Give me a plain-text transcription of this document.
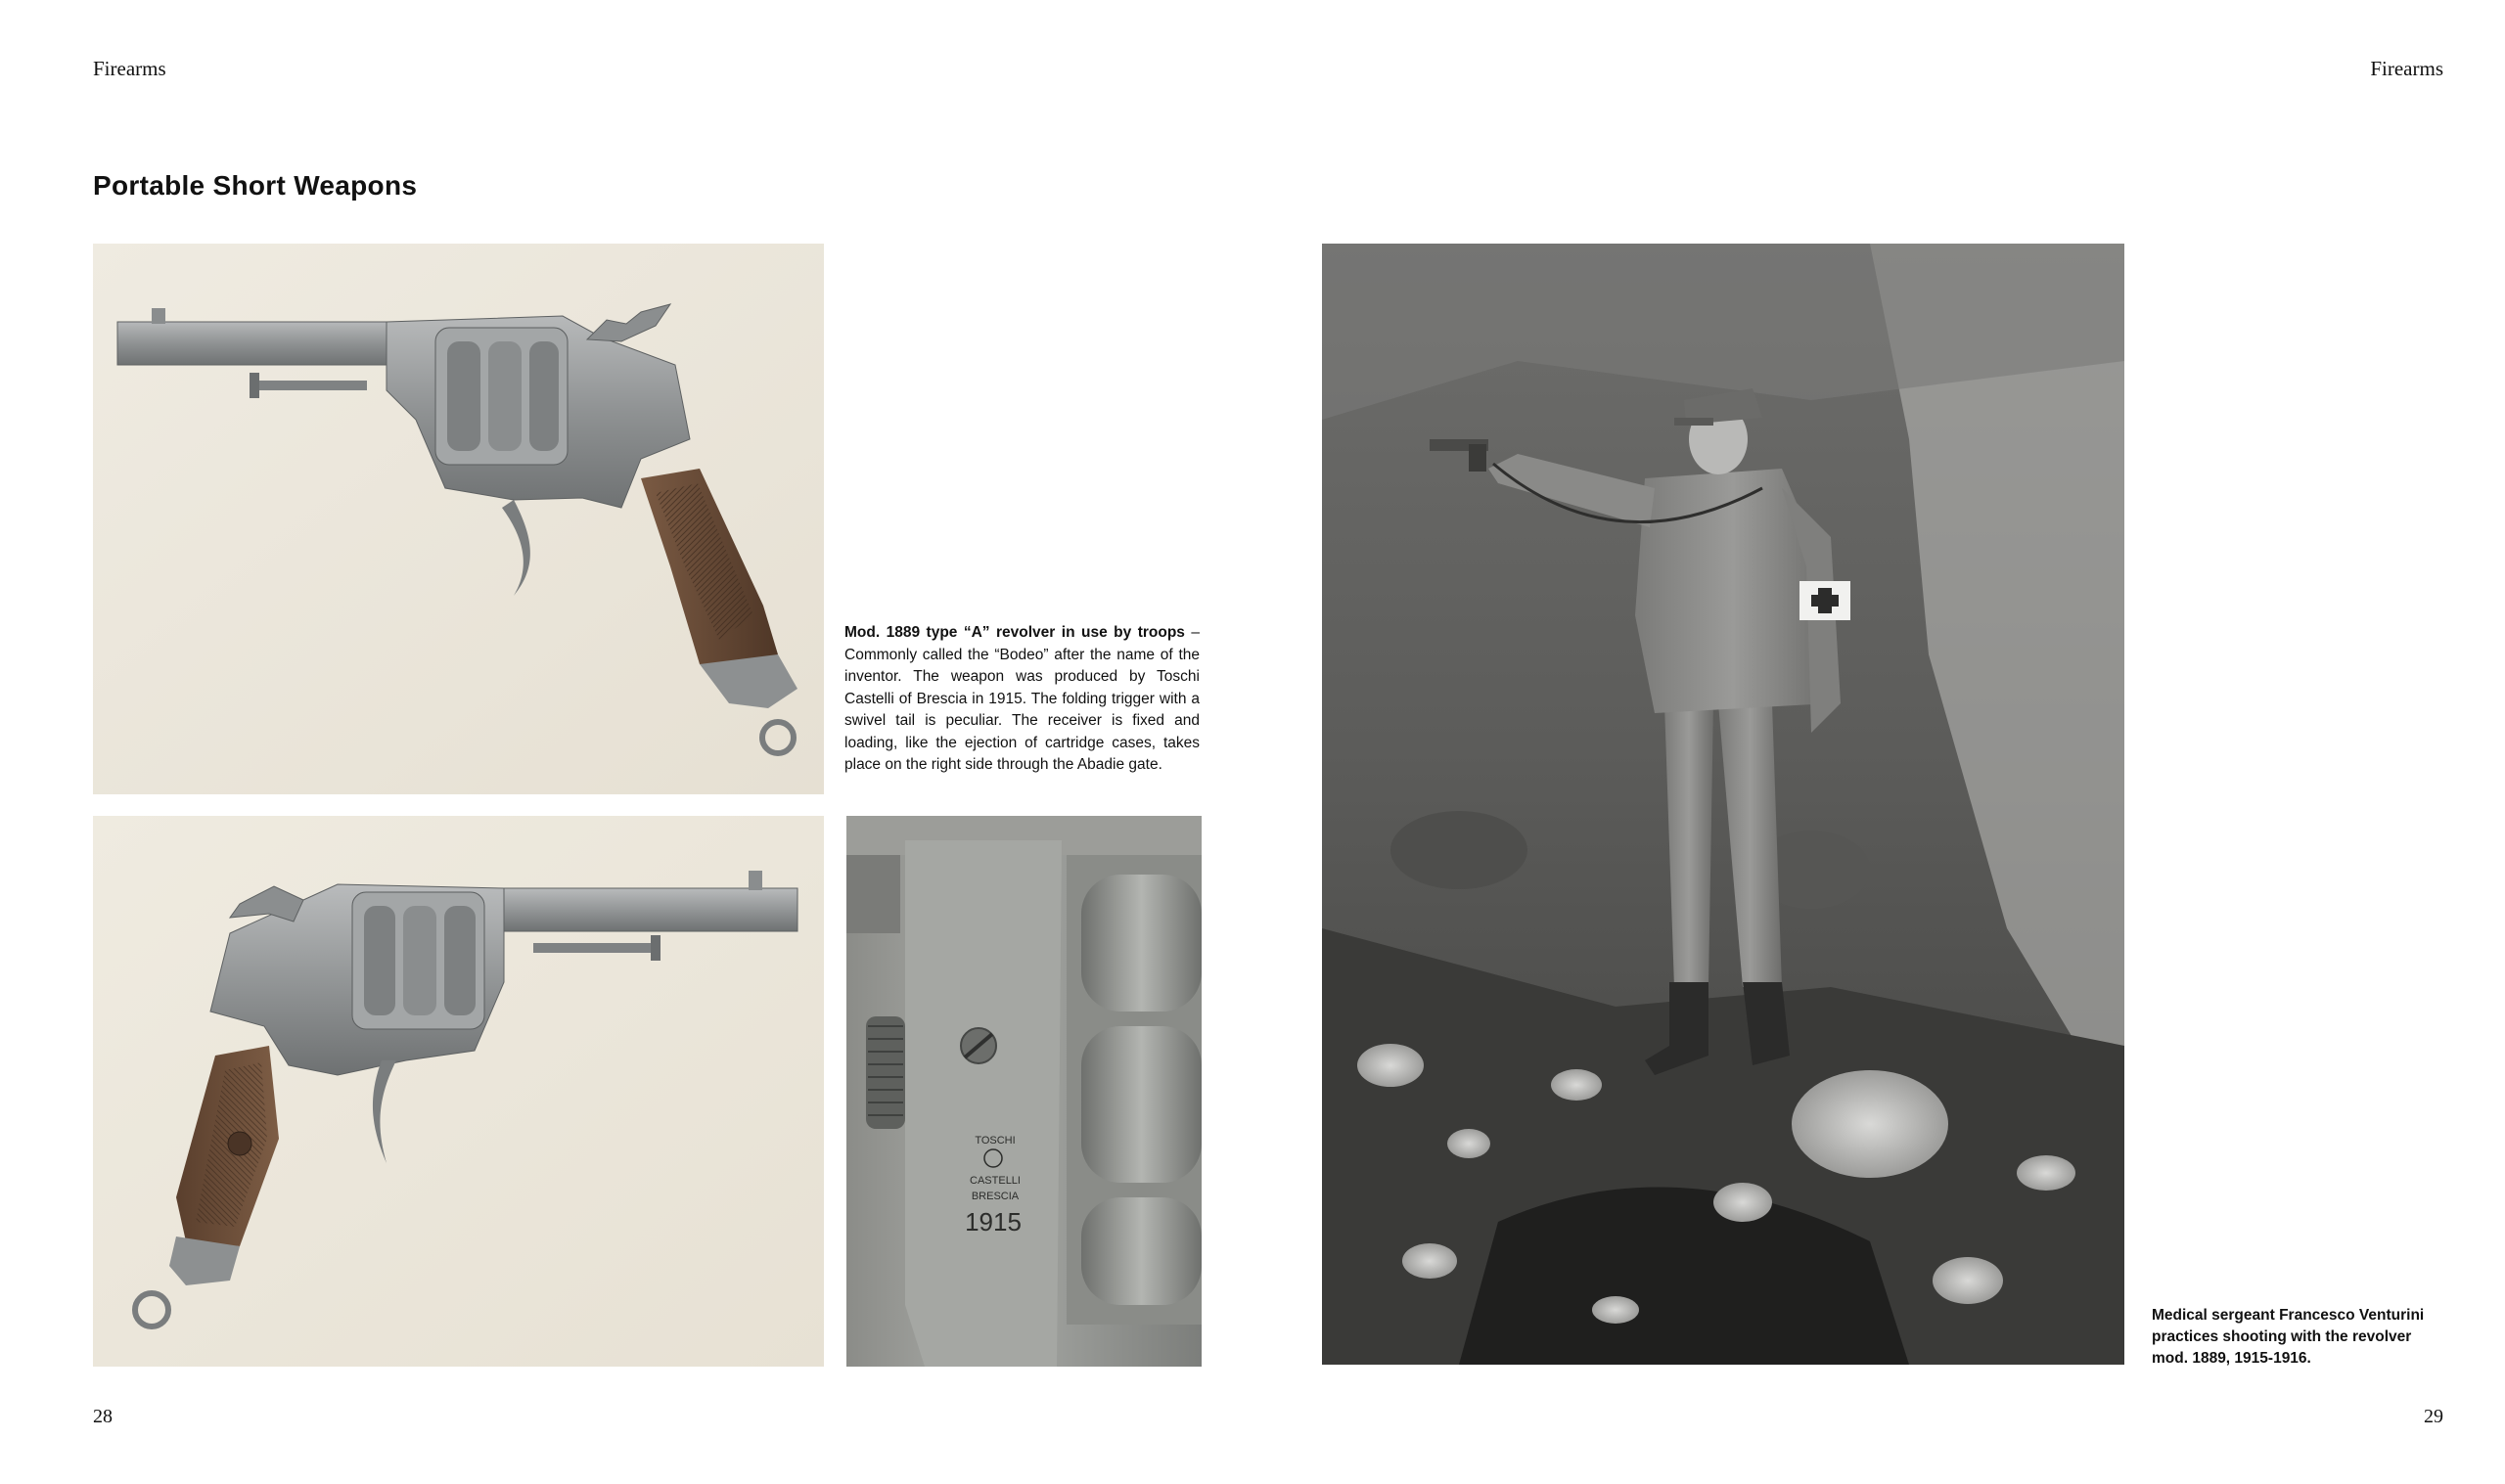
Firearms	Firearms
Portable Short Weapons
TOSCHI
CASTELLI
BRESCIA
1915
Mod. 1889 type “A” revolver in use by troops – Commonly called the “Bodeo” after the name of the inventor. The weapon was produced by Toschi Castelli of Brescia in 1915. The folding trigger with a swivel tail is peculiar. The receiver is fixed and loading, like the ejection of cartridge cases, takes place on the right side through the Abadie gate.
Medical sergeant Francesco Venturini practices shooting with the revolver mod. 1889, 1915-1916.
28	29
